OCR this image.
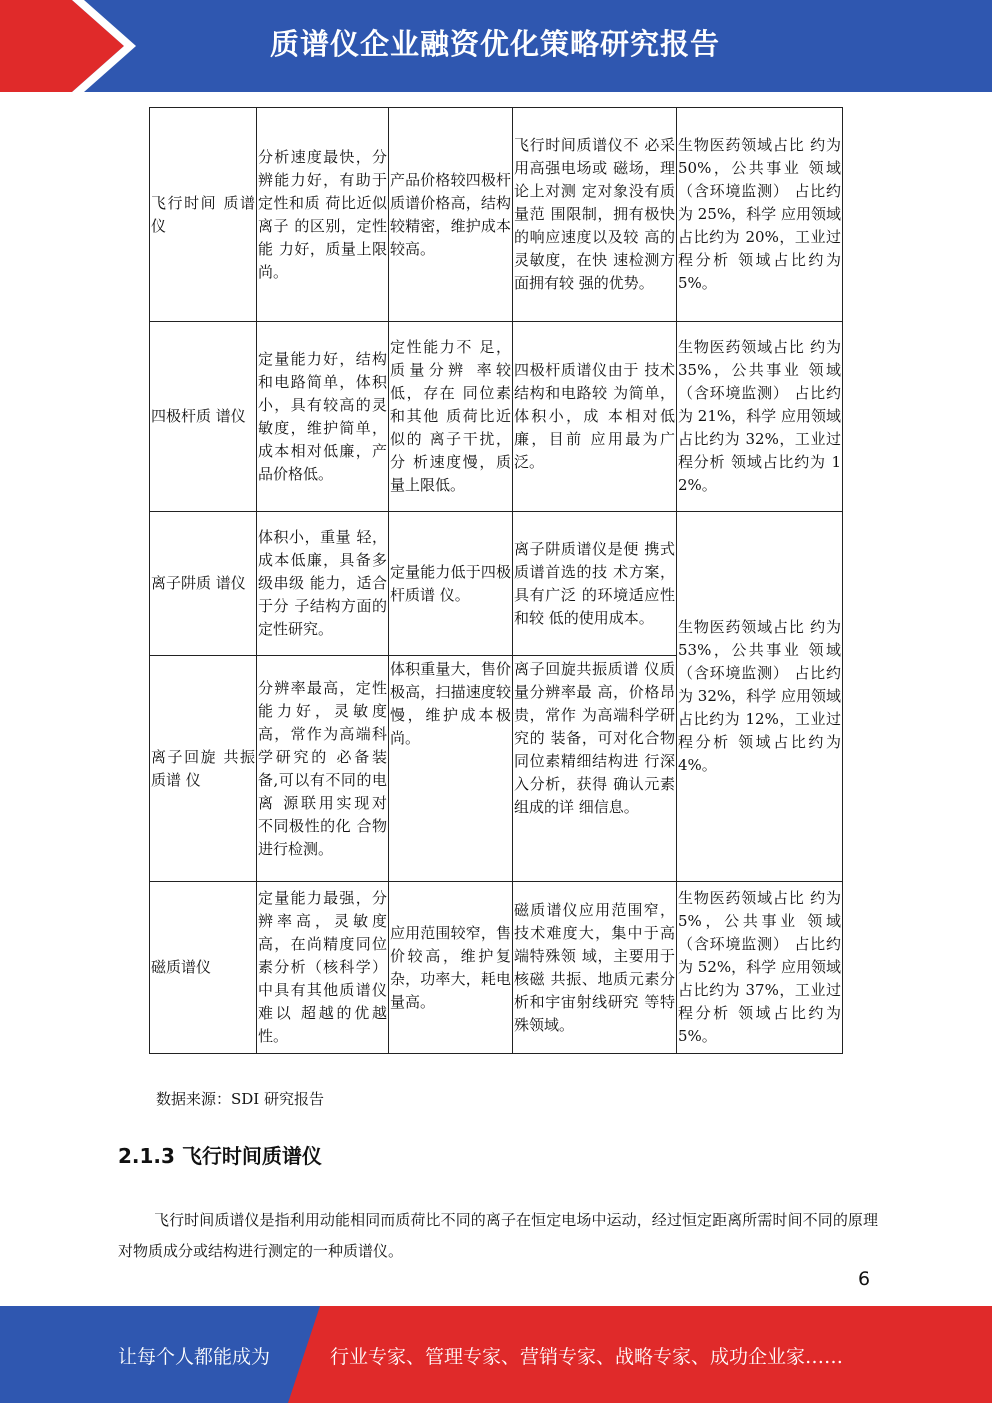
质谱仪企业融资优化策略研究报告
飞行时间 质谱仪	分析速度最快，分辨能力好，有助于定性和质 荷比近似离子 的区别，定性能 力好，质量上限 尚。	产品价格较四极杆质谱价格高，结构较精密，维护成本较高。	飞行时间质谱仪不 必采用高强电场或 磁场，理论上对测 定对象没有质量范 围限制，拥有极快 的响应速度以及较 高的灵敏度，在快 速检测方面拥有较 强的优势。	生物医药领域占比 约为 50%，公共事业 领域（含环境监测） 占比约为 25%，科学 应用领域占比约为 20%，工业过程分析 领域占比约为 5%。
四极杆质 谱仪	定量能力好，结构和电路简单，体积小，具有较高的灵敏度，维护简单，成本相对低廉，产品价格低。	定性能力不 足，质量分辨 率较低，存在 同位素和其他 质荷比近似的 离子干扰，分 析速度慢，质 量上限低。	四极杆质谱仪由于 技术结构和电路较 为简单，体积小，成 本相对低廉，目前 应用最为广泛。	生物医药领域占比 约为 35%，公共事业 领域（含环境监测） 占比约为 21%，科学 应用领域占比约为 32%，工业过程分析 领域占比约为 12%。
离子阱质 谱仪	体积小，重量 轻，成本低廉，具备多级串级 能力，适合于分 子结构方面的 定性研究。	定量能力低于四极杆质谱 仪。	离子阱质谱仪是便 携式质谱首选的技 术方案，具有广泛 的环境适应性和较 低的使用成本。	生物医药领域占比 约为 53%，公共事业 领域（含环境监测） 占比约为 32%，科学 应用领域占比约为 12%，工业过程分析 领域占比约为 4%。
离子回旋 共振质谱 仪	分辨率最高，定性能力好，灵敏度高，常作为高端科学研究的 必备装备,可以有不同的电离 源联用实现对 不同极性的化 合物进行检测。	体积重量大，售价极高，扫描速度较慢，维护成本极 尚。	离子回旋共振质谱 仪质量分辨率最 高，价格昂贵，常作 为高端科学研究的 装备，可对化合物同位素精细结构进 行深入分析，获得 确认元素组成的详 细信息。	
磁质谱仪	定量能力最强，分辨率高，灵敏度高，在尚精度同位素分析（核科学）中具有其他质谱仪难以 超越的优越性。	应用范围较窄，售价较高，维护复杂，功率大，耗电量高。	磁质谱仪应用范围窄，技术难度大，集中于高端特殊领 域，主要用于核磁 共振、地质元素分 析和宇宙射线研究 等特殊领域。	生物医药领域占比 约为 5%，公共事业 领域（含环境监测） 占比约为 52%，科学 应用领域占比约为 37%，工业过程分析 领域占比约为 5%。
数据来源：SDI 研究报告
2.1.3 飞行时间质谱仪
飞行时间质谱仪是指利用动能相同而质荷比不同的离子在恒定电场中运动，经过恒定距离所需时间不同的原理对物质成分或结构进行测定的一种质谱仪。
6
让每个人都能成为	行业专家、管理专家、营销专家、战略专家、成功企业家……
